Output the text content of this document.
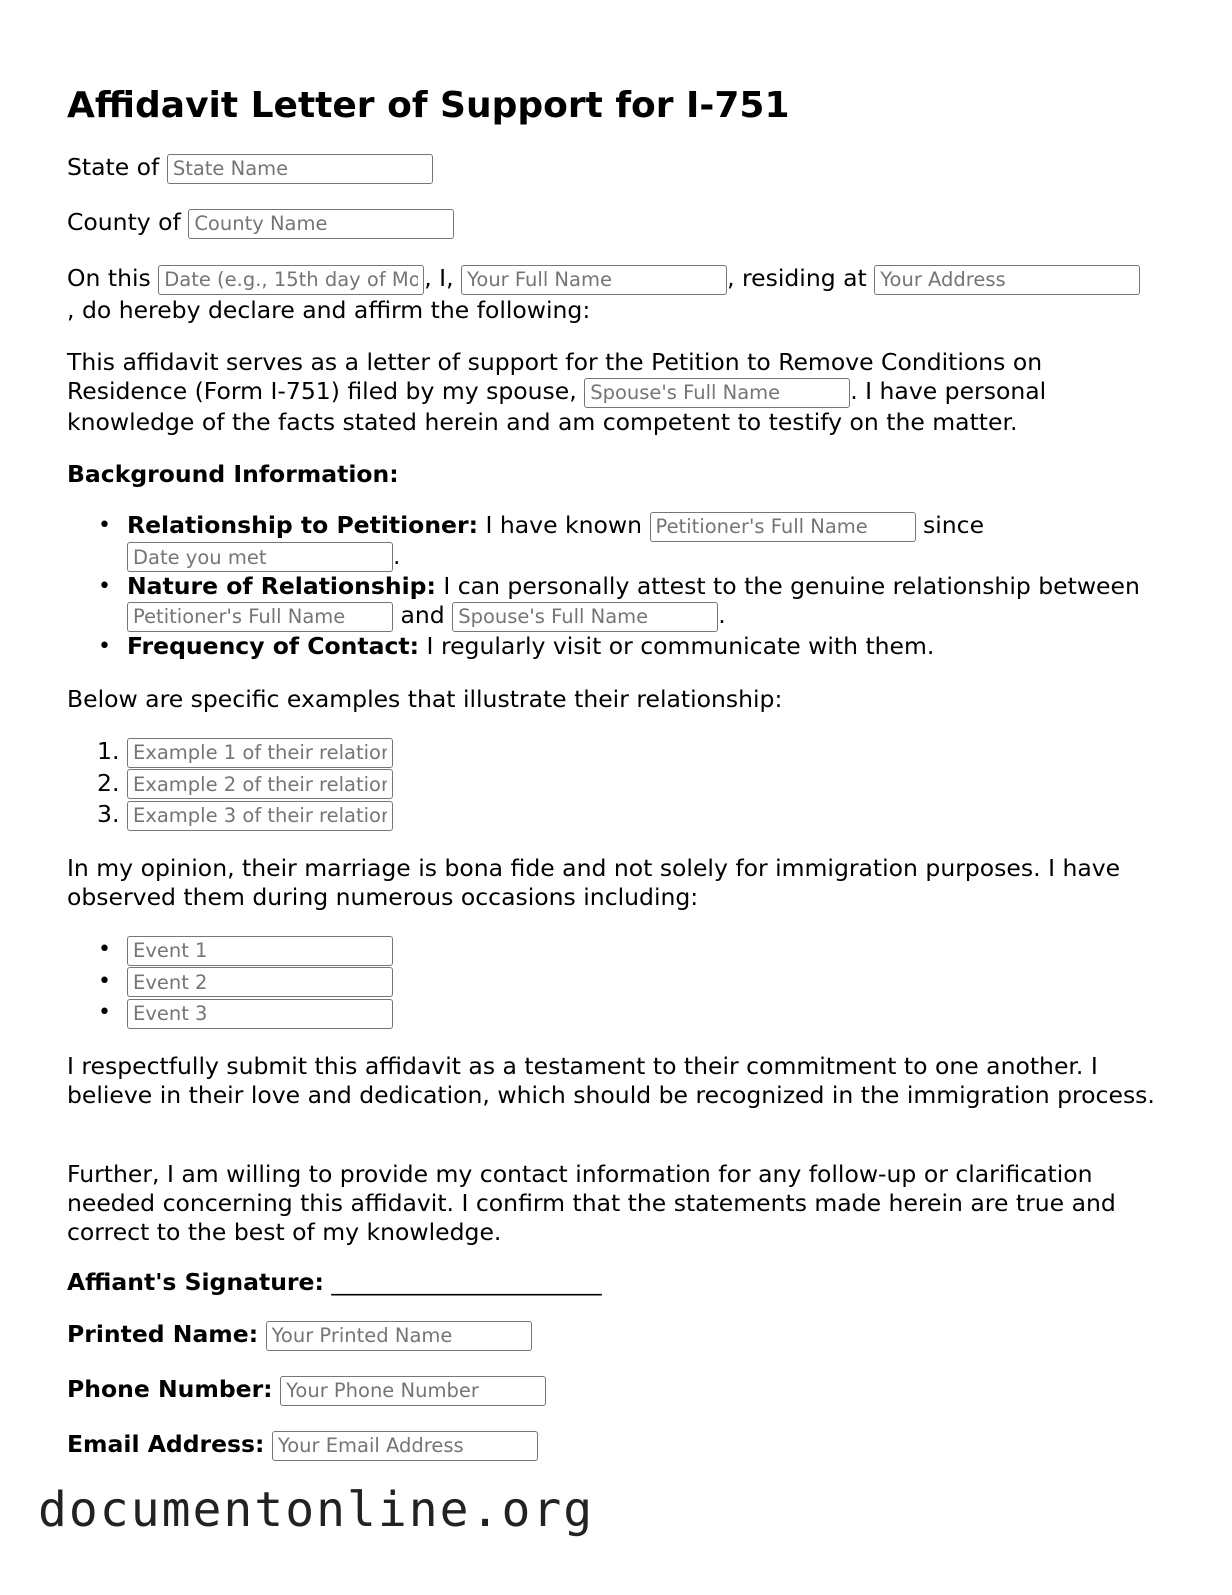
Affidavit Letter of Support for I-751
State of State Name
County of County Name
On this Date (e.g., 15th day of Month, Year)	, I, Your Full Name	, residing at Your Address
, do hereby declare and affirm the following:
This affidavit serves as a letter of support for the Petition to Remove Conditions on Residence (Form I-751) filed by my spouse, Spouse's Full Name	. I have personal knowledge of the facts stated herein and am competent to testify on the matter.
Background Information:
• Relationship to Petitioner: I have known Petitioner's Full Name	since Date you met.
• Nature of Relationship: I can personally attest to the genuine relationship between Petitioner's Full Name and Spouse's Full Name	.
• Frequency of Contact: I regularly visit or communicate with them.
Below are specific examples that illustrate their relationship:
1.
Example 1 of their relationship
2.
Example 2 of their relationship
3.
Example 3 of their relationship
In my opinion, their marriage is bona fide and not solely for immigration purposes. I have observed them during numerous occasions including:
• Event 1
• Event 2
• Event 3
I respectfully submit this affidavit as a testament to their commitment to one another. I believe in their love and dedication, which should be recognized in the immigration process.
Further, I am willing to provide my contact information for any follow-up or clarification needed concerning this affidavit. I confirm that the statements made herein are true and correct to the best of my knowledge.
Affiant's Signature: _______________________
Printed Name: Your Printed Name
Phone Number: Your Phone Number
Email Address: Your Email Address
documentonline.org
